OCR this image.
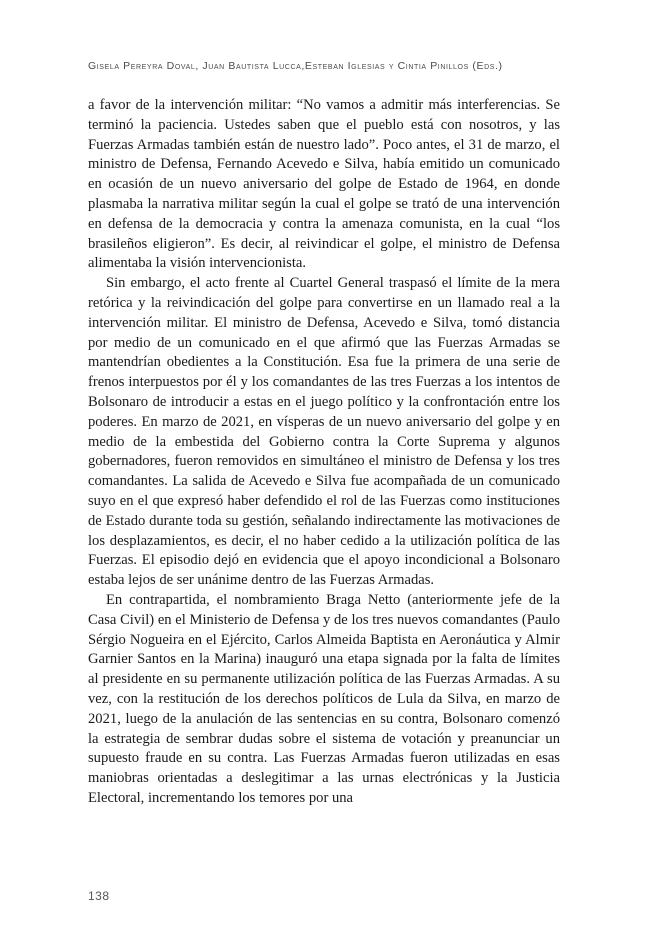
Gisela Pereyra Doval, Juan Bautista Lucca,Esteban Iglesias y Cintia Pinillos (Eds.)

a favor de la intervención militar: “No vamos a admitir más interferencias. Se terminó la paciencia. Ustedes saben que el pueblo está con nosotros, y las Fuerzas Armadas también están de nuestro lado”. Poco antes, el 31 de marzo, el ministro de Defensa, Fernando Acevedo e Silva, había emitido un comunicado en ocasión de un nuevo aniversario del golpe de Estado de 1964, en donde plasmaba la narrativa militar según la cual el golpe se trató de una intervención en defensa de la democracia y contra la amenaza comunista, en la cual “los brasileños eligieron”. Es decir, al reivindicar el golpe, el ministro de Defensa alimentaba la visión intervencionista.

Sin embargo, el acto frente al Cuartel General traspasó el límite de la mera retórica y la reivindicación del golpe para convertirse en un llamado real a la intervención militar. El ministro de Defensa, Acevedo e Silva, tomó distancia por medio de un comunicado en el que afirmó que las Fuerzas Armadas se mantendrían obedientes a la Constitución. Esa fue la primera de una serie de frenos interpuestos por él y los comandantes de las tres Fuerzas a los intentos de Bolsonaro de introducir a estas en el juego político y la confrontación entre los poderes. En marzo de 2021, en vísperas de un nuevo aniversario del golpe y en medio de la embestida del Gobierno contra la Corte Suprema y algunos gobernadores, fueron removidos en simultáneo el ministro de Defensa y los tres comandantes. La salida de Acevedo e Silva fue acompañada de un comunicado suyo en el que expresó haber defendido el rol de las Fuerzas como instituciones de Estado durante toda su gestión, señalando indirectamente las motivaciones de los desplazamientos, es decir, el no haber cedido a la utilización política de las Fuerzas. El episodio dejó en evidencia que el apoyo incondicional a Bolsonaro estaba lejos de ser unánime dentro de las Fuerzas Armadas.

En contrapartida, el nombramiento Braga Netto (anteriormente jefe de la Casa Civil) en el Ministerio de Defensa y de los tres nuevos comandantes (Paulo Sérgio Nogueira en el Ejército, Carlos Almeida Baptista en Aeronáutica y Almir Garnier Santos en la Marina) inauguró una etapa signada por la falta de límites al presidente en su permanente utilización política de las Fuerzas Armadas. A su vez, con la restitución de los derechos políticos de Lula da Silva, en marzo de 2021, luego de la anulación de las sentencias en su contra, Bolsonaro comenzó la estrategia de sembrar dudas sobre el sistema de votación y preanunciar un supuesto fraude en su contra. Las Fuerzas Armadas fueron utilizadas en esas maniobras orientadas a deslegitimar a las urnas electrónicas y la Justicia Electoral, incrementando los temores por una

138
